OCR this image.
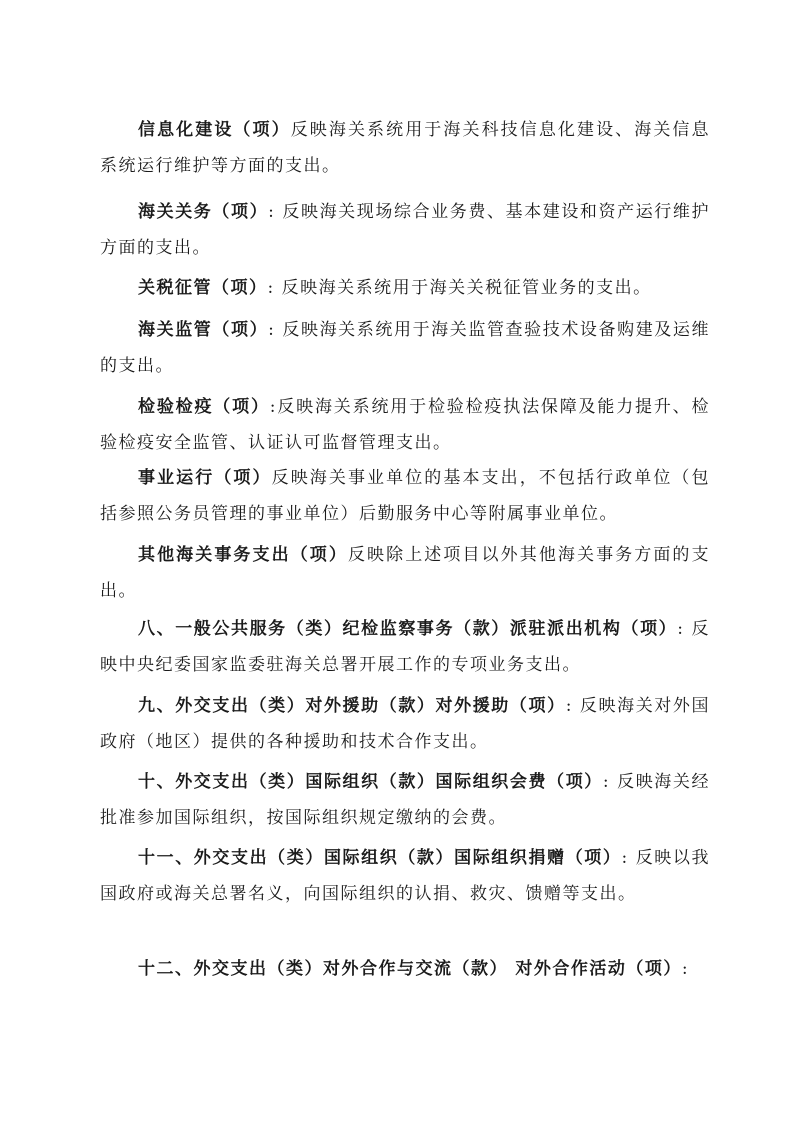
信息化建设（项）反映海关系统用于海关科技信息化建设、海关信息系统运行维护等方面的支出。

海关关务（项）: 反映海关现场综合业务费、基本建设和资产运行维护方面的支出。

关税征管（项）: 反映海关系统用于海关关税征管业务的支出。

海关监管（项）: 反映海关系统用于海关监管查验技术设备购建及运维的支出。

检验检疫（项）:反映海关系统用于检验检疫执法保障及能力提升、检验检疫安全监管、认证认可监督管理支出。

事业运行（项）反映海关事业单位的基本支出，不包括行政单位（包括参照公务员管理的事业单位）后勤服务中心等附属事业单位。

其他海关事务支出（项）反映除上述项目以外其他海关事务方面的支出。

八、一般公共服务（类）纪检监察事务（款）派驻派出机构（项）: 反映中央纪委国家监委驻海关总署开展工作的专项业务支出。

九、外交支出（类）对外援助（款）对外援助（项）: 反映海关对外国政府（地区）提供的各种援助和技术合作支出。

十、外交支出（类）国际组织（款）国际组织会费（项）: 反映海关经批准参加国际组织，按国际组织规定缴纳的会费。

十一、外交支出（类）国际组织（款）国际组织捐赠（项）: 反映以我国政府或海关总署名义，向国际组织的认捐、救灾、馈赠等支出。

十二、外交支出（类）对外合作与交流（款） 对外合作活动（项）:
